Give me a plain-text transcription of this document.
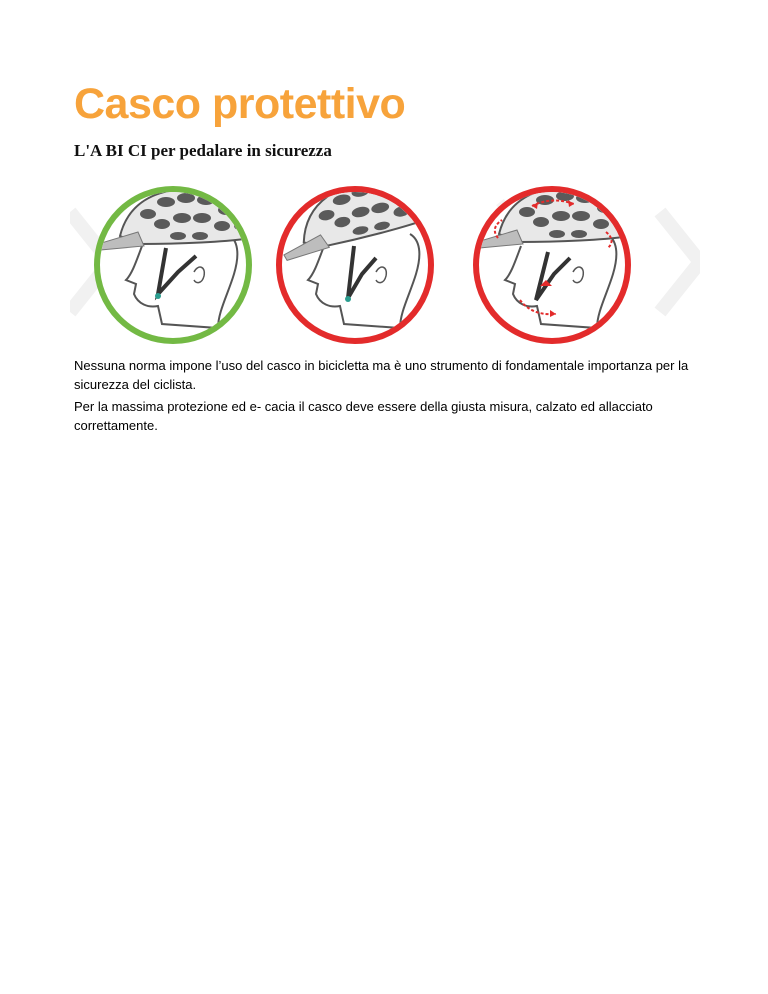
Casco protettivo
L'A BI CI per pedalare in sicurezza

Nessuna norma impone l’uso del casco in bicicletta ma è uno strumento di fondamentale importanza per la sicurezza del ciclista.

Per la massima protezione ed e- cacia il casco deve essere della giusta misura, calzato ed allacciato correttamente.
